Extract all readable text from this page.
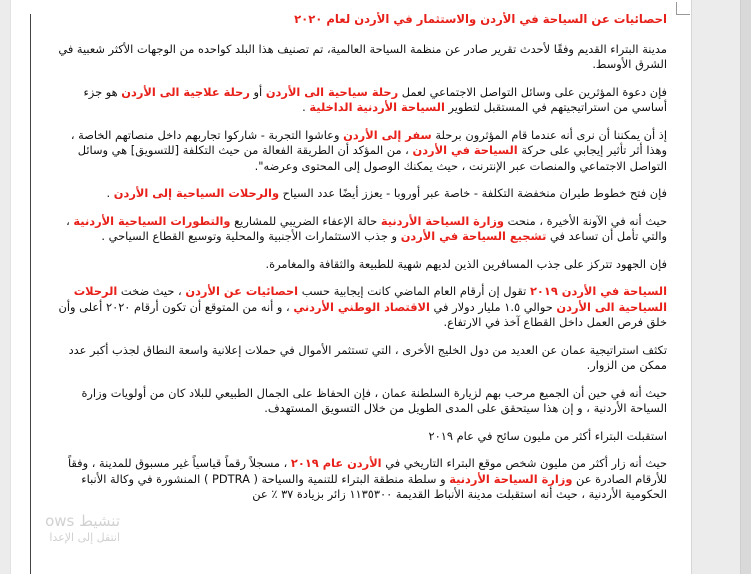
احصائيات عن السياحة في الأردن والاستثمار في الأردن لعام ٢٠٢٠

مدينة البتراء القديم وفقًا لأحدث تقرير صادر عن منظمة السياحة العالمية، تم تصنيف هذا البلد كواحده من الوجهات الأكثر شعبية في الشرق الأوسط.

فإن دعوة المؤثرين على وسائل التواصل الاجتماعي لعمل رحلة سياحية الى الأردن أو رحلة علاجية الى الأردن هو جزء أساسي من استراتيجيتهم في المستقبل لتطوير السياحة الأردنية الداخلية .

إذ أن يمكننا أن نرى أنه عندما قام المؤثرون برحلة سفر إلى الأردن وعاشوا التجربة - شاركوا تجاربهم داخل منصاتهم الخاصة ، وهذا أثر تأثير إيجابي على حركة السياحة في الأردن ، من المؤكد أن الطريقة الفعالة من حيث التكلفة [للتسويق] هي وسائل التواصل الاجتماعي والمنصات عبر الإنترنت ، حيث يمكنك الوصول إلى المحتوى وعرضه".

فإن فتح خطوط طيران منخفضة التكلفة - خاصة عبر أوروبا - يعزز أيضًا عدد السياح والرحلات السياحية إلى الأردن .

حيث أنه في الآونة الأخيرة ، منحت وزارة السياحة الأردنية حالة الإعفاء الضريبي للمشاريع والتطورات السياحية الأردنية ، والتي تأمل أن تساعد في تشجيع السياحة في الأردن و جذب الاستثمارات الأجنبية والمحلية وتوسيع القطاع السياحي .

فإن الجهود تتركز على جذب المسافرين الذين لديهم شهية للطبيعة والثقافة والمغامرة.

السياحة في الأردن ٢٠١٩ تقول إن أرقام العام الماضي كانت إيجابية حسب احصائيات عن الأردن ، حيث ضخت الرحلات السياحية الى الأردن حوالي ١.٥ مليار دولار في الاقتصاد الوطني الأردني ، و أنه من المتوقع أن تكون أرقام ٢٠٢٠ أعلى وأن خلق فرص العمل داخل القطاع آخذ في الارتفاع.

تكثف استراتيجية عمان عن العديد من دول الخليج الأخرى ، التي تستثمر الأموال في حملات إعلانية واسعة النطاق لجذب أكبر عدد ممكن من الزوار.

حيث أنه في حين أن الجميع مرحب بهم لزيارة السلطنة عمان ، فإن الحفاظ على الجمال الطبيعي للبلاد كان من أولويات وزارة السياحة الأردنية ، و إن هذا سيتحقق على المدى الطويل من خلال التسويق المستهدف.

استقبلت البتراء أكثر من مليون سائح في عام ٢٠١٩

حيث أنه زار أكثر من مليون شخص موقع البتراء التاريخي في الأردن عام ٢٠١٩ ، مسجلاً رقماً قياسياً غير مسبوق للمدينة ، وفقاً للأرقام الصادرة عن وزارة السياحة الأردنية و سلطة منطقة البتراء للتنمية والسياحة ( PDTRA ) المنشورة في وكالة الأنباء الحكومية الأردنية ، حيث أنه استقبلت مدينة الأنباط القديمة ١١٣٥٣٠٠ زائر بزيادة ٣٧ ٪ عن

تنشيط ows
انتقل إلى الإعدا
